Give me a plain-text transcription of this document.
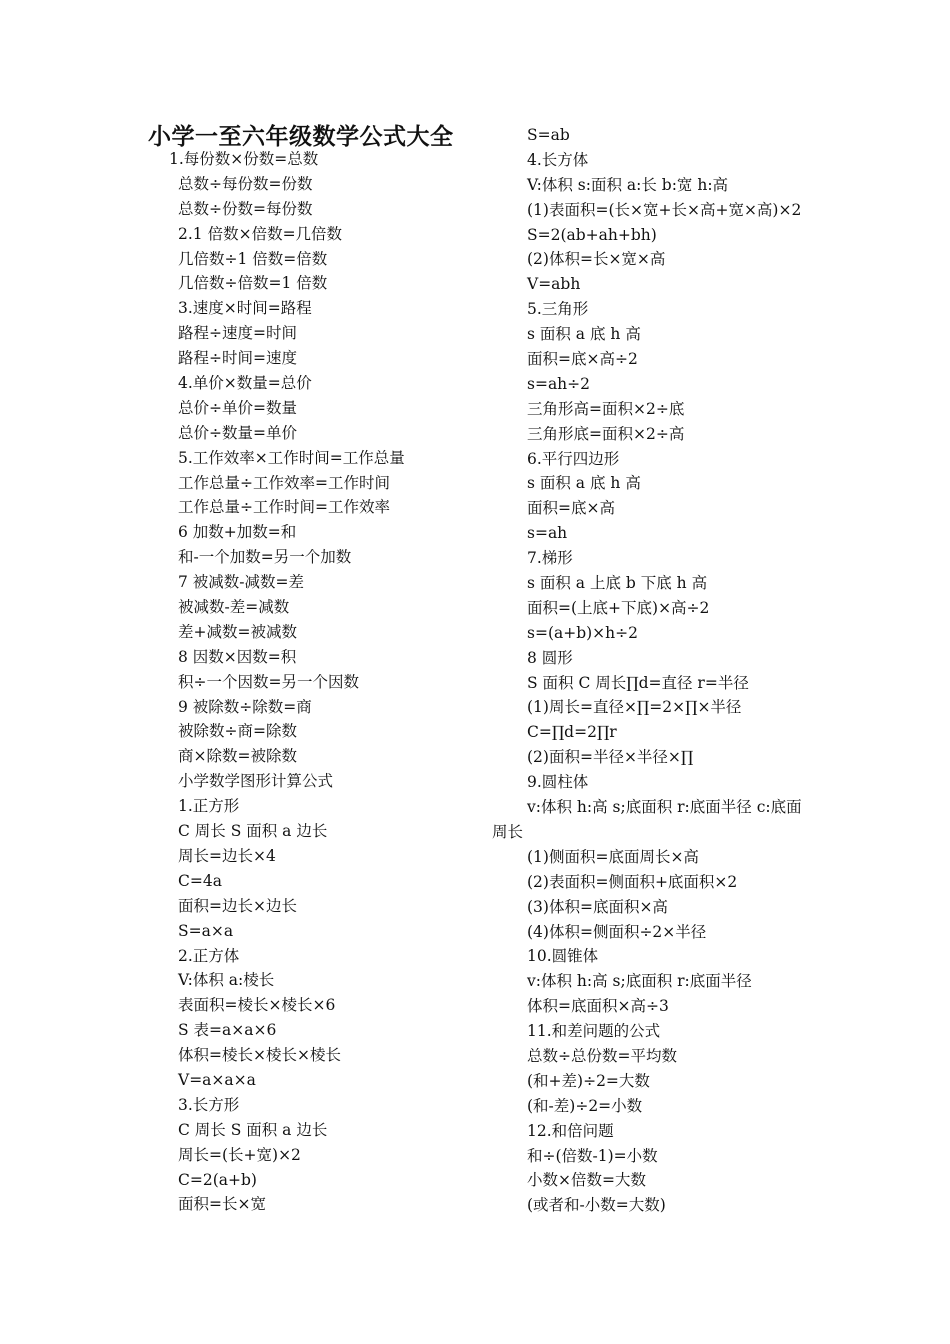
小学一至六年级数学公式大全
1.每份数×份数=总数
总数÷每份数=份数
总数÷份数=每份数
2.1 倍数×倍数=几倍数
几倍数÷1 倍数=倍数
几倍数÷倍数=1 倍数
3.速度×时间=路程
路程÷速度=时间
路程÷时间=速度
4.单价×数量=总价
总价÷单价=数量
总价÷数量=单价
5.工作效率×工作时间=工作总量
工作总量÷工作效率=工作时间
工作总量÷工作时间=工作效率
6 加数+加数=和
和-一个加数=另一个加数
7 被减数-减数=差
被减数-差=减数
差+减数=被减数
8 因数×因数=积
积÷一个因数=另一个因数
9 被除数÷除数=商
被除数÷商=除数
商×除数=被除数
小学数学图形计算公式
1.正方形
C 周长 S 面积 a 边长
周长=边长×4
C=4a
面积=边长×边长
S=a×a
2.正方体
V:体积 a:棱长
表面积=棱长×棱长×6
S 表=a×a×6
体积=棱长×棱长×棱长
V=a×a×a
3.长方形
C 周长 S 面积 a 边长
周长=(长+宽)×2
C=2(a+b)
面积=长×宽
S=ab
4.长方体
V:体积 s:面积 a:长 b:宽 h:高
(1)表面积=(长×宽+长×高+宽×高)×2
S=2(ab+ah+bh)
(2)体积=长×宽×高
V=abh
5.三角形
s 面积 a 底 h 高
面积=底×高÷2
s=ah÷2
三角形高=面积×2÷底
三角形底=面积×2÷高
6.平行四边形
s 面积 a 底 h 高
面积=底×高
s=ah
7.梯形
s 面积 a 上底 b 下底 h 高
面积=(上底+下底)×高÷2
s=(a+b)×h÷2
8 圆形
S 面积 C 周长∏d=直径 r=半径
(1)周长=直径×∏=2×∏×半径
C=∏d=2∏r
(2)面积=半径×半径×∏
9.圆柱体
v:体积 h:高 s;底面积 r:底面半径 c:底面
周长
(1)侧面积=底面周长×高
(2)表面积=侧面积+底面积×2
(3)体积=底面积×高
(4)体积=侧面积÷2×半径
10.圆锥体
v:体积 h:高 s;底面积 r:底面半径
体积=底面积×高÷3
11.和差问题的公式
总数÷总份数=平均数
(和+差)÷2=大数
(和-差)÷2=小数
12.和倍问题
和÷(倍数-1)=小数
小数×倍数=大数
(或者和-小数=大数)
